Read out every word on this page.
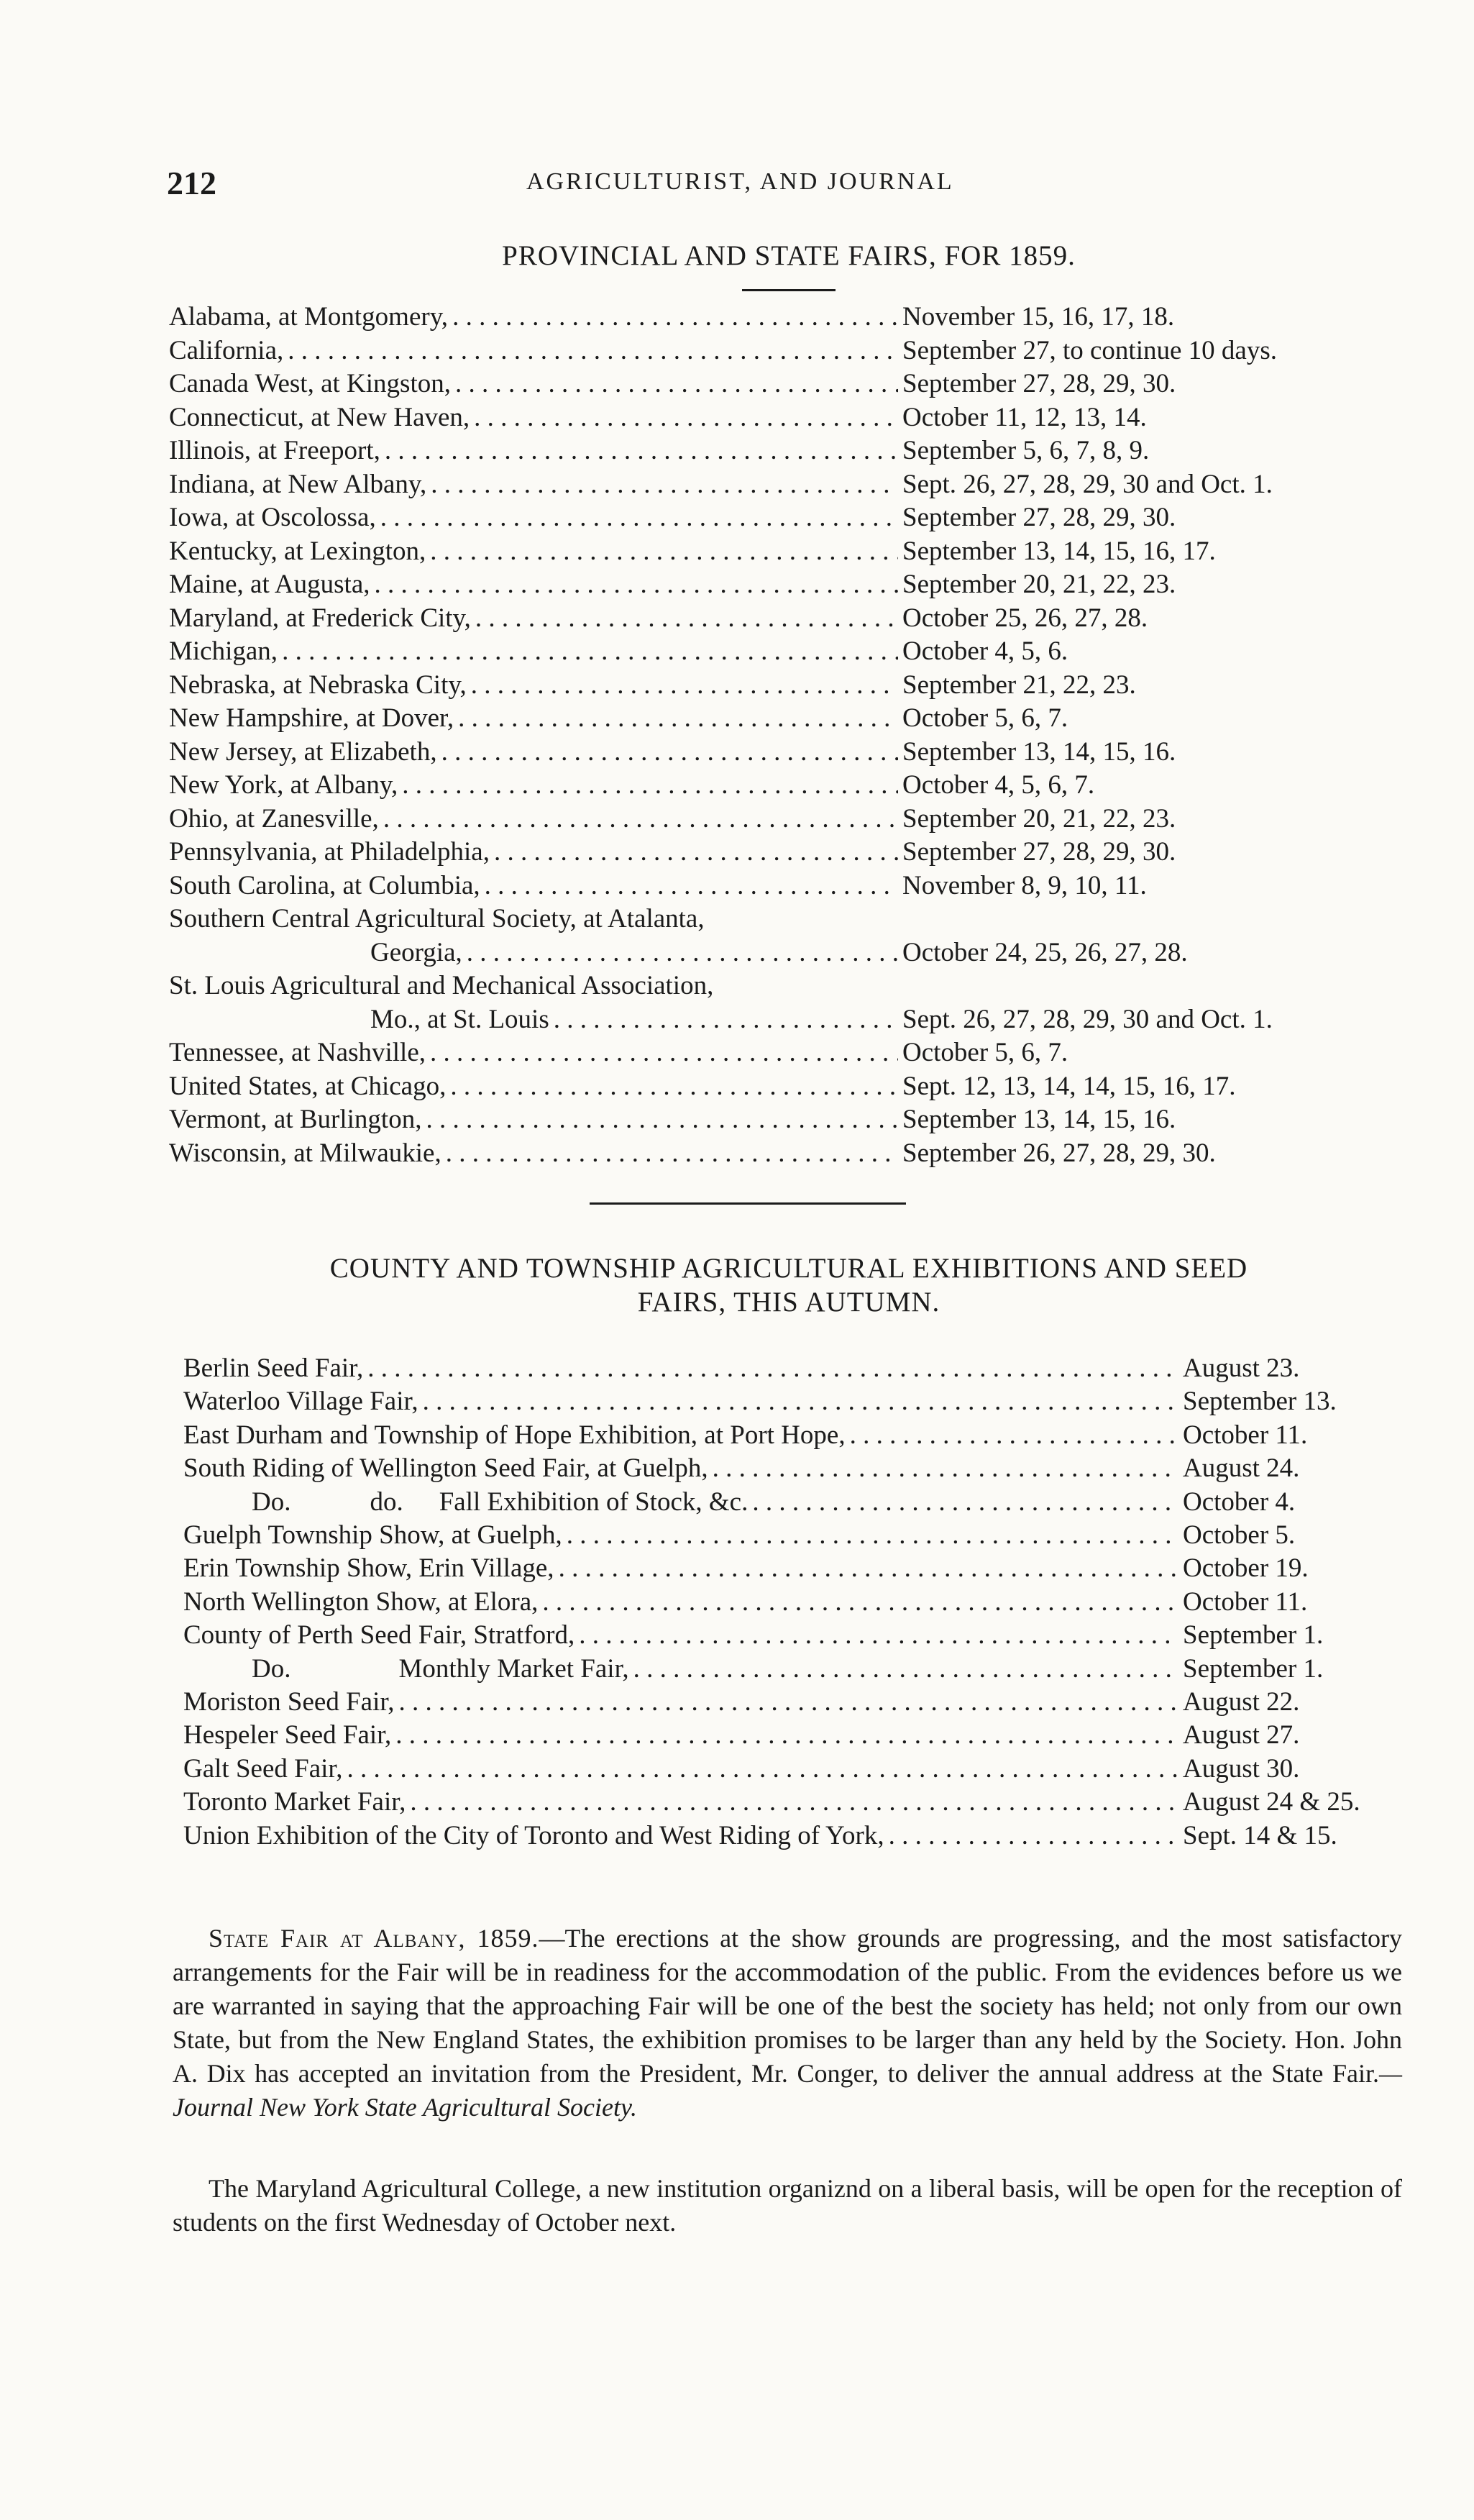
212	AGRICULTURIST, AND JOURNAL
PROVINCIAL AND STATE FAIRS, FOR 1859.
Alabama, at Montgomery, . . .	November 15, 16, 17, 18.
California, . . .	September 27, to continue 10 days.
Canada West, at Kingston, . . .	September 27, 28, 29, 30.
Connecticut, at New Haven, . . .	October 11, 12, 13, 14.
Illinois, at Freeport, . . .	September 5, 6, 7, 8, 9.
Indiana, at New Albany, . . .	Sept. 26, 27, 28, 29, 30 and Oct. 1.
Iowa, at Oscolossa, . . .	September 27, 28, 29, 30.
Kentucky, at Lexington, . . .	September 13, 14, 15, 16, 17.
Maine, at Augusta, . . .	September 20, 21, 22, 23.
Maryland, at Frederick City, . . .	October 25, 26, 27, 28.
Michigan, . . .	October 4, 5, 6.
Nebraska, at Nebraska City, . . .	September 21, 22, 23.
New Hampshire, at Dover, . . .	October 5, 6, 7.
New Jersey, at Elizabeth, . . .	September 13, 14, 15, 16.
New York, at Albany, . . .	October 4, 5, 6, 7.
Ohio, at Zanesville, . . .	September 20, 21, 22, 23.
Pennsylvania, at Philadelphia, . . .	September 27, 28, 29, 30.
South Carolina, at Columbia, . . .	November 8, 9, 10, 11.
Southern Central Agricultural Society, at Atalanta,
Georgia, . . .	October 24, 25, 26, 27, 28.
St. Louis Agricultural and Mechanical Association,
Mo., at St. Louis . . .	Sept. 26, 27, 28, 29, 30 and Oct. 1.
Tennessee, at Nashville, . . .	October 5, 6, 7.
United States, at Chicago, . . .	Sept. 12, 13, 14, 14, 15, 16, 17.
Vermont, at Burlington, . . .	September 13, 14, 15, 16.
Wisconsin, at Milwaukie, . . .	September 26, 27, 28, 29, 30.
COUNTY AND TOWNSHIP AGRICULTURAL EXHIBITIONS AND SEED
FAIRS, THIS AUTUMN.
Berlin Seed Fair, . . .	August 23.
Waterloo Village Fair, . . .	September 13.
East Durham and Township of Hope Exhibition, at Port Hope, . . .	October 11.
South Riding of Wellington Seed Fair, at Guelph, . . .	August 24.
Do.	do. Fall Exhibition of Stock, &c. . . .	October 4.
Guelph Township Show, at Guelph, . . .	October 5.
Erin Township Show, Erin Village, . . .	October 19.
North Wellington Show, at Elora, . . .	October 11.
County of Perth Seed Fair, Stratford, . . .	September 1.
Do.	Monthly Market Fair, . . .	September 1.
Moriston Seed Fair, . . .	August 22.
Hespeler Seed Fair, . . .	August 27.
Galt Seed Fair, . . .	August 30.
Toronto Market Fair, . . .	August 24 & 25.
Union Exhibition of the City of Toronto and West Riding of York, . . .	Sept. 14 & 15.

State Fair at Albany, 1859.—The erections at the show grounds are progressing, and the most satisfactory arrangements for the Fair will be in readiness for the accommodation of the public. From the evidences before us we are warranted in saying that the approaching Fair will be one of the best the society has held; not only from our own State, but from the New England States, the exhibition promises to be larger than any held by the Society. Hon. John A. Dix has accepted an invitation from the President, Mr. Conger, to deliver the annual address at the State Fair.—Journal New York State Agricultural Society.

The Maryland Agricultural College, a new institution organiznd on a liberal basis, will be open for the reception of students on the first Wednesday of October next.
